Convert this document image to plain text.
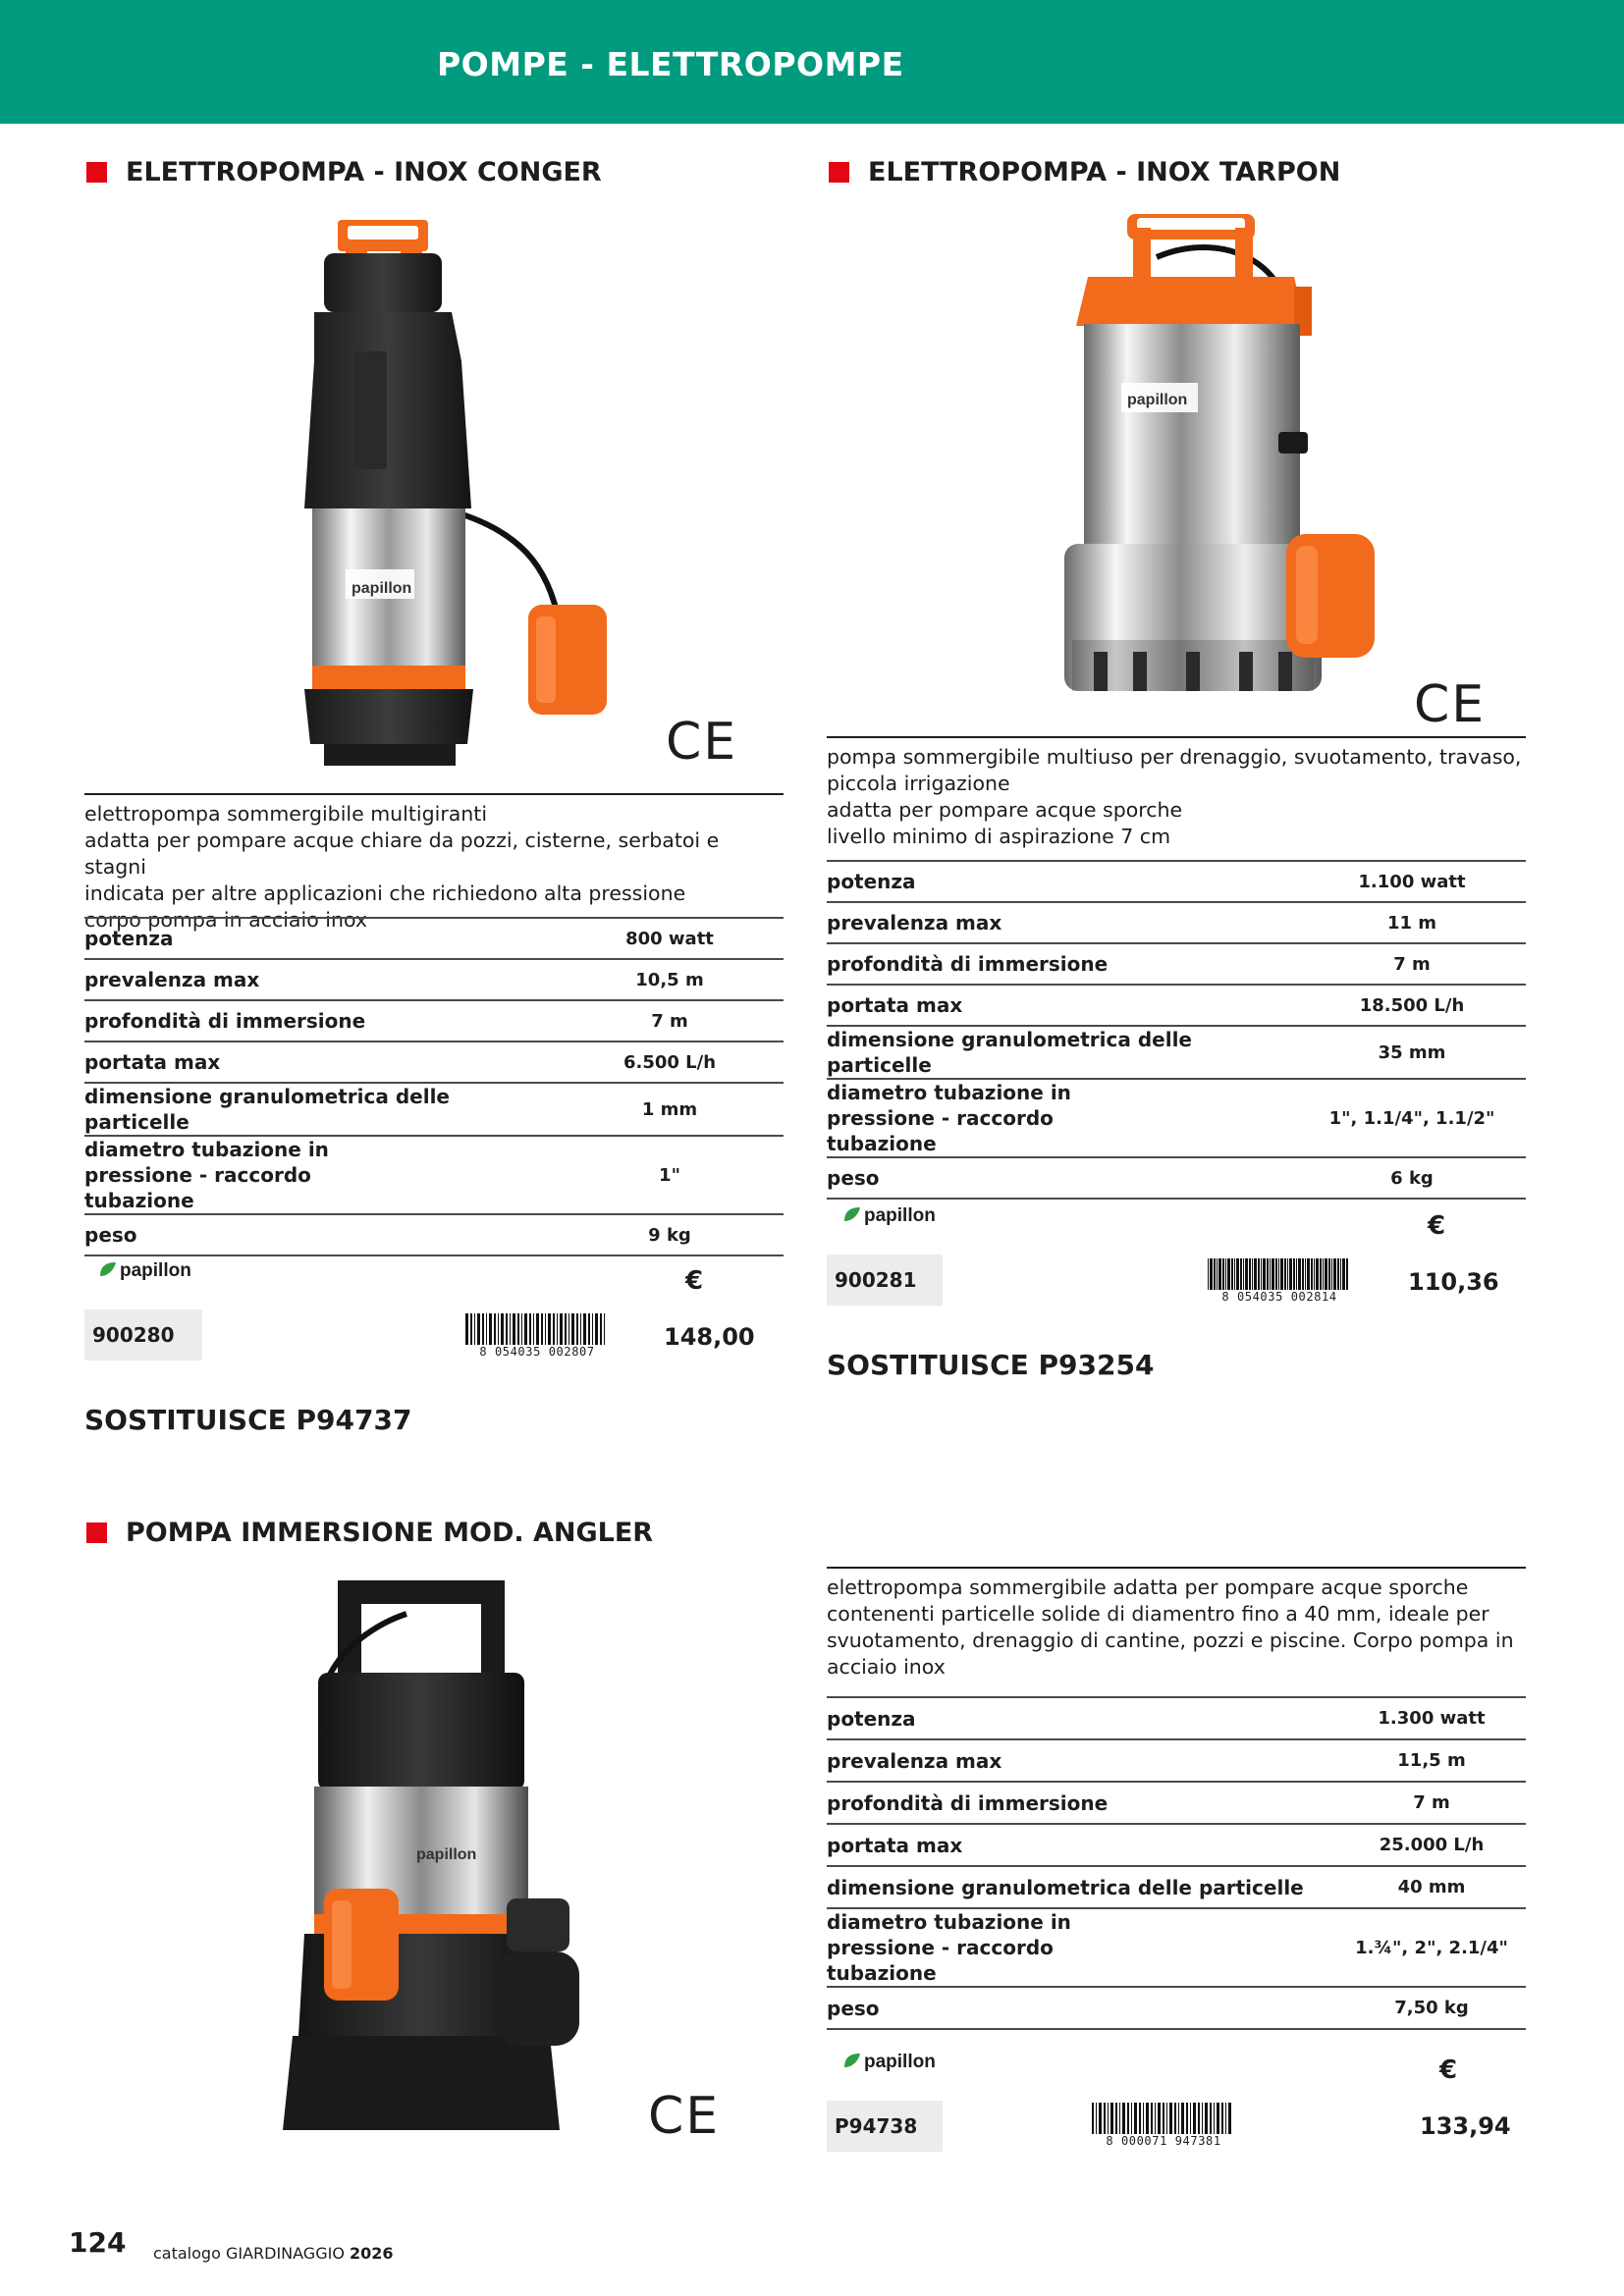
POMPE - ELETTROPOMPE
ELETTROPOMPA - INOX CONGER
papillon
CE
elettropompa sommergibile multigiranti
adatta per pompare acque chiare da pozzi, cisterne, serbatoi e stagni
indicata per altre applicazioni che richiedono alta pressione
corpo pompa in acciaio inox
potenza	800 watt
prevalenza max	10,5 m
profondità di immersione	7 m
portata max	6.500 L/h
dimensione granulometrica delle particelle	1 mm
diametro tubazione in pressione - raccordo tubazione	1"
peso	9 kg
papillon	€
900280
8 054035 002807
148,00
SOSTITUISCE P94737
ELETTROPOMPA - INOX TARPON
papillon
CE
pompa sommergibile multiuso per drenaggio, svuotamento, travaso,
piccola irrigazione
adatta per pompare acque sporche
livello minimo di aspirazione 7 cm
potenza	1.100 watt
prevalenza max	11 m
profondità di immersione	7 m
portata max	18.500 L/h
dimensione granulometrica delle particelle	35 mm
diametro tubazione in pressione - raccordo tubazione	1", 1.1/4", 1.1/2"
peso	6 kg
papillon	€
900281
8 054035 002814
110,36
SOSTITUISCE P93254
POMPA IMMERSIONE MOD. ANGLER
papillon
CE
elettropompa sommergibile adatta per pompare acque sporche
contenenti particelle solide di diamentro fino a 40 mm, ideale per
svuotamento, drenaggio di cantine, pozzi e piscine. Corpo pompa in
acciaio inox
potenza	1.300 watt
prevalenza max	11,5 m
profondità di immersione	7 m
portata max	25.000 L/h
dimensione granulometrica delle particelle	40 mm
diametro tubazione in pressione - raccordo tubazione	1.¾", 2", 2.1/4"
peso	7,50 kg
papillon	€
P94738
8 000071 947381
133,94
124 catalogo GIARDINAGGIO 2026
